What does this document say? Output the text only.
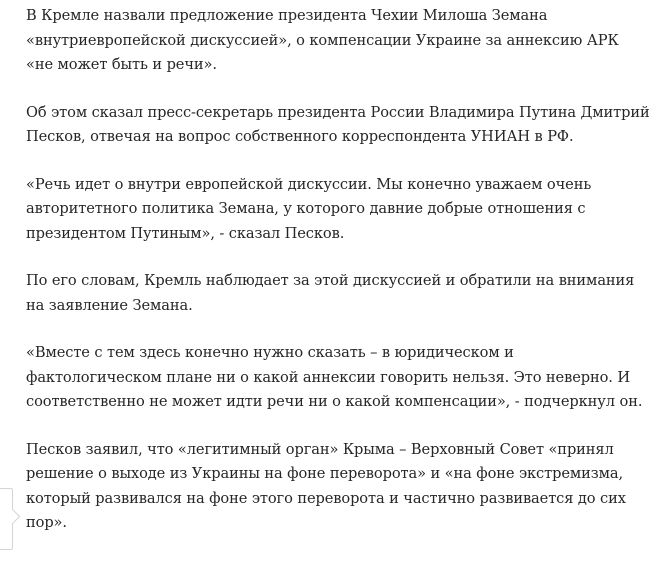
В Кремле назвали предложение президента Чехии Милоша Земана «внутриевропейской дискуссией», о компенсации Украине за аннексию АРК «не может быть и речи».

Об этом сказал пресс-секретарь президента России Владимира Путина Дмитрий Песков, отвечая на вопрос собственного корреспондента УНИАН в РФ.

«Речь идет о внутри европейской дискуссии. Мы конечно уважаем очень авторитетного политика Земана, у которого давние добрые отношения с президентом Путиным», - сказал Песков.

По его словам, Кремль наблюдает за этой дискуссией и обратили на внимания на заявление Земана.

«Вместе с тем здесь конечно нужно сказать – в юридическом и фактологическом плане ни о какой аннексии говорить нельзя. Это неверно. И соответственно не может идти речи ни о какой компенсации», - подчеркнул он.

Песков заявил, что «легитимный орган» Крыма – Верховный Совет «принял решение о выходе из Украины на фоне переворота» и «на фоне экстремизма, который развивался на фоне этого переворота и частично развивается до сих пор».
